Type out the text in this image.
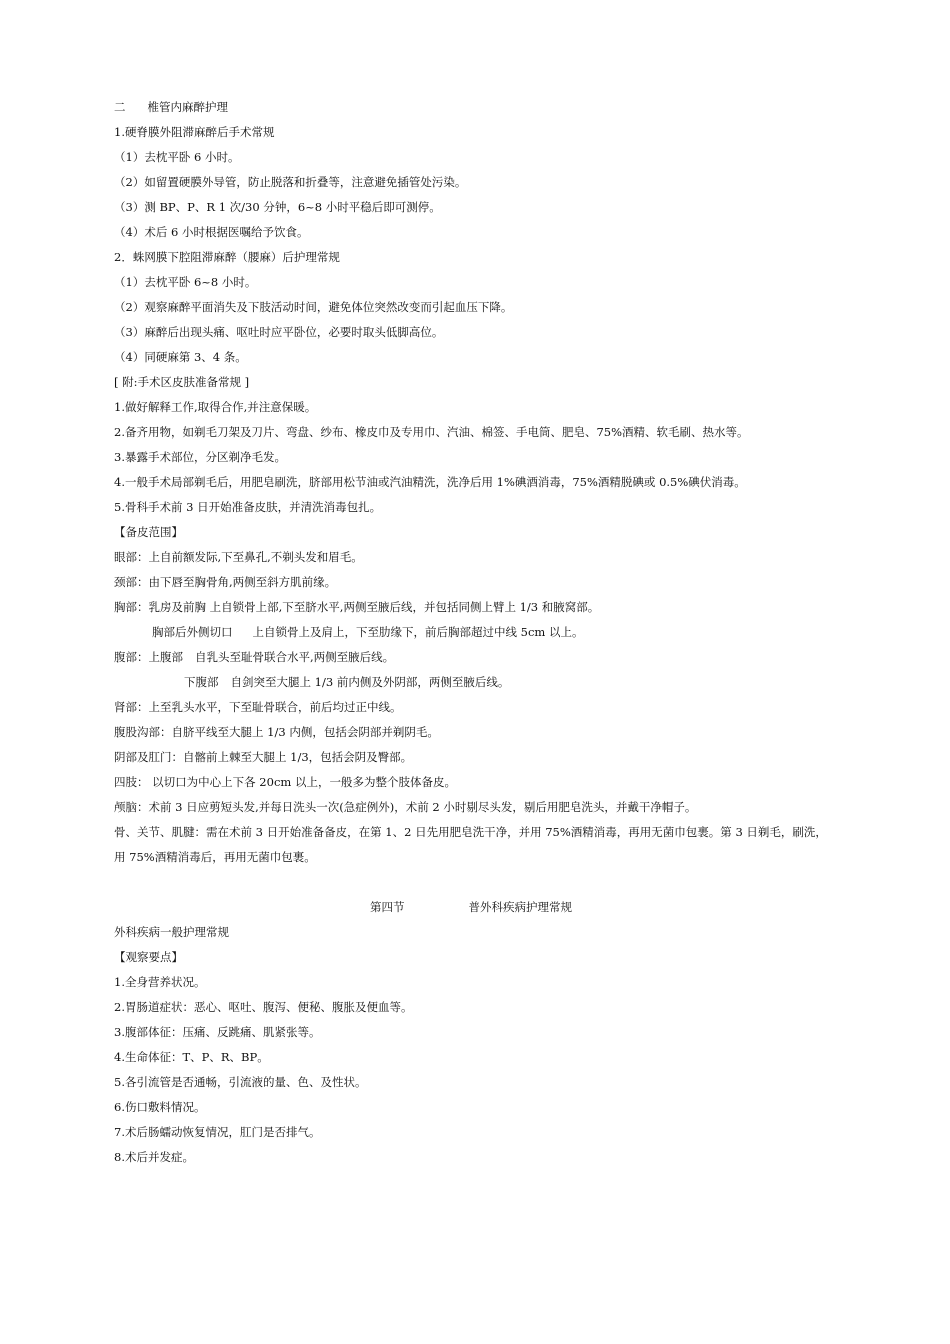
二 椎管内麻醉护理
1.硬脊膜外阻滞麻醉后手术常规
（1）去枕平卧 6 小时。
（2）如留置硬膜外导管，防止脱落和折叠等，注意避免插管处污染。
（3）测 BP、P、R 1 次/30 分钟，6~8 小时平稳后即可测停。
（4）术后 6 小时根据医嘱给予饮食。
2．蛛网膜下腔阻滞麻醉（腰麻）后护理常规
（1）去枕平卧 6~8 小时。
（2）观察麻醉平面消失及下肢活动时间，避免体位突然改变而引起血压下降。
（3）麻醉后出现头痛、呕吐时应平卧位，必要时取头低脚高位。
（4）同硬麻第 3、4 条。
[ 附:手术区皮肤准备常规 ]
1.做好解释工作,取得合作,并注意保暖。
2.备齐用物，如剃毛刀架及刀片、弯盘、纱布、橡皮巾及专用巾、汽油、棉签、手电筒、肥皂、75%酒精、软毛刷、热水等。
3.暴露手术部位，分区剃净毛发。
4.一般手术局部剃毛后，用肥皂刷洗，脐部用松节油或汽油精洗，洗净后用 1%碘酒消毒，75%酒精脱碘或 0.5%碘伏消毒。
5.骨科手术前 3 日开始准备皮肤，并清洗消毒包扎。
【备皮范围】
眼部：上自前额发际,下至鼻孔,不剃头发和眉毛。
颈部：由下唇至胸骨角,两侧至斜方肌前缘。
胸部：乳房及前胸 上自锁骨上部,下至脐水平,两侧至腋后线，并包括同侧上臂上 1/3 和腋窝部。
胸部后外侧切口 上自锁骨上及肩上，下至肋缘下，前后胸部超过中线 5cm 以上。
腹部：上腹部 自乳头至耻骨联合水平,两侧至腋后线。
下腹部 自剑突至大腿上 1/3 前内侧及外阴部，两侧至腋后线。
肾部：上至乳头水平，下至耻骨联合，前后均过正中线。
腹股沟部：自脐平线至大腿上 1/3 内侧，包括会阴部并剃阴毛。
阴部及肛门：自髂前上棘至大腿上 1/3，包括会阴及臀部。
四肢： 以切口为中心上下各 20cm 以上，一般多为整个肢体备皮。
颅脑：术前 3 日应剪短头发,并每日洗头一次(急症例外)，术前 2 小时剔尽头发，剔后用肥皂洗头，并戴干净帽子。
骨、关节、肌腱：需在术前 3 日开始准备备皮，在第 1、2 日先用肥皂洗干净，并用 75%酒精消毒，再用无菌巾包裹。第 3 日剃毛，刷洗，
用 75%酒精消毒后，再用无菌巾包裹。
第四节	普外科疾病护理常规
外科疾病一般护理常规
【观察要点】
1.全身营养状况。
2.胃肠道症状：恶心、呕吐、腹泻、便秘、腹胀及便血等。
3.腹部体征：压痛、反跳痛、肌紧张等。
4.生命体征：T、P、R、BP。
5.各引流管是否通畅，引流液的量、色、及性状。
6.伤口敷料情况。
7.术后肠蠕动恢复情况，肛门是否排气。
8.术后并发症。
